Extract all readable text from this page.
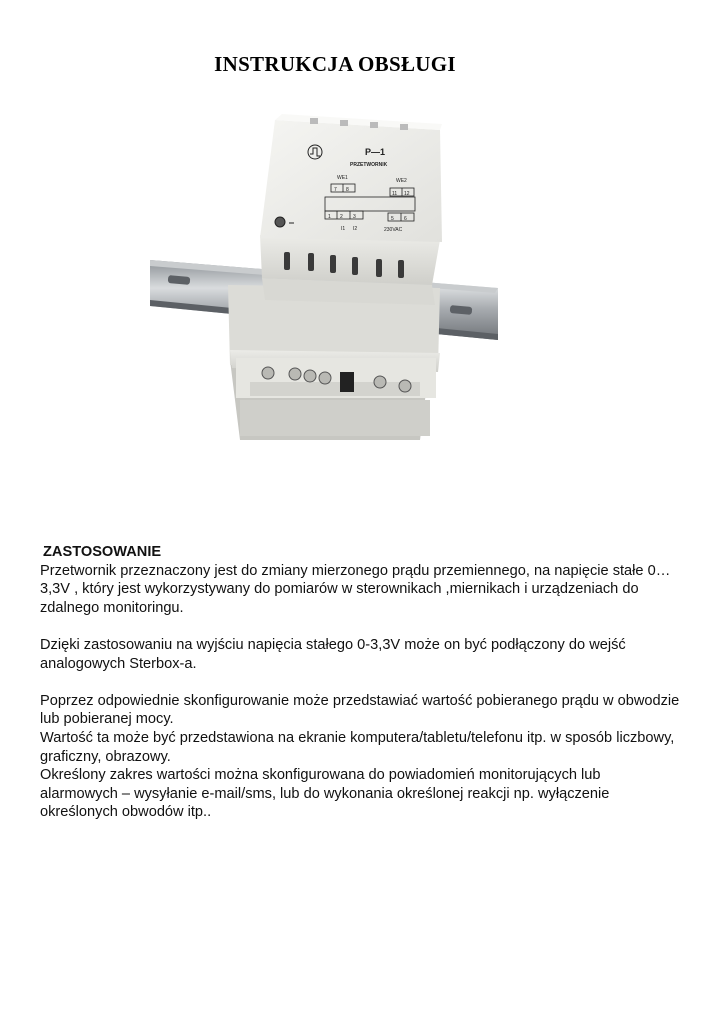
INSTRUKCJA OBSŁUGI
P—1
PRZETWORNIK
WE1	WE2
7 8
11 12
1 2 3	5 6
I1 I2	230VAC
ZASTOSOWANIE

Przetwornik przeznaczony jest do zmiany mierzonego prądu przemiennego, na napięcie stałe 0…3,3V , który jest wykorzystywany do pomiarów w sterownikach ,miernikach i urządzeniach do zdalnego monitoringu.

Dzięki zastosowaniu na wyjściu napięcia stałego 0-3,3V może on być podłączony do wejść analogowych Sterbox-a.

Poprzez odpowiednie skonfigurowanie może przedstawiać wartość pobieranego prądu w obwodzie lub pobieranej mocy.

Wartość ta może być przedstawiona na ekranie komputera/tabletu/telefonu itp. w sposób liczbowy, graficzny, obrazowy.

Określony zakres wartości można skonfigurowana do powiadomień monitorujących lub alarmowych – wysyłanie e-mail/sms, lub do wykonania określonej reakcji np. wyłączenie określonych obwodów itp..
